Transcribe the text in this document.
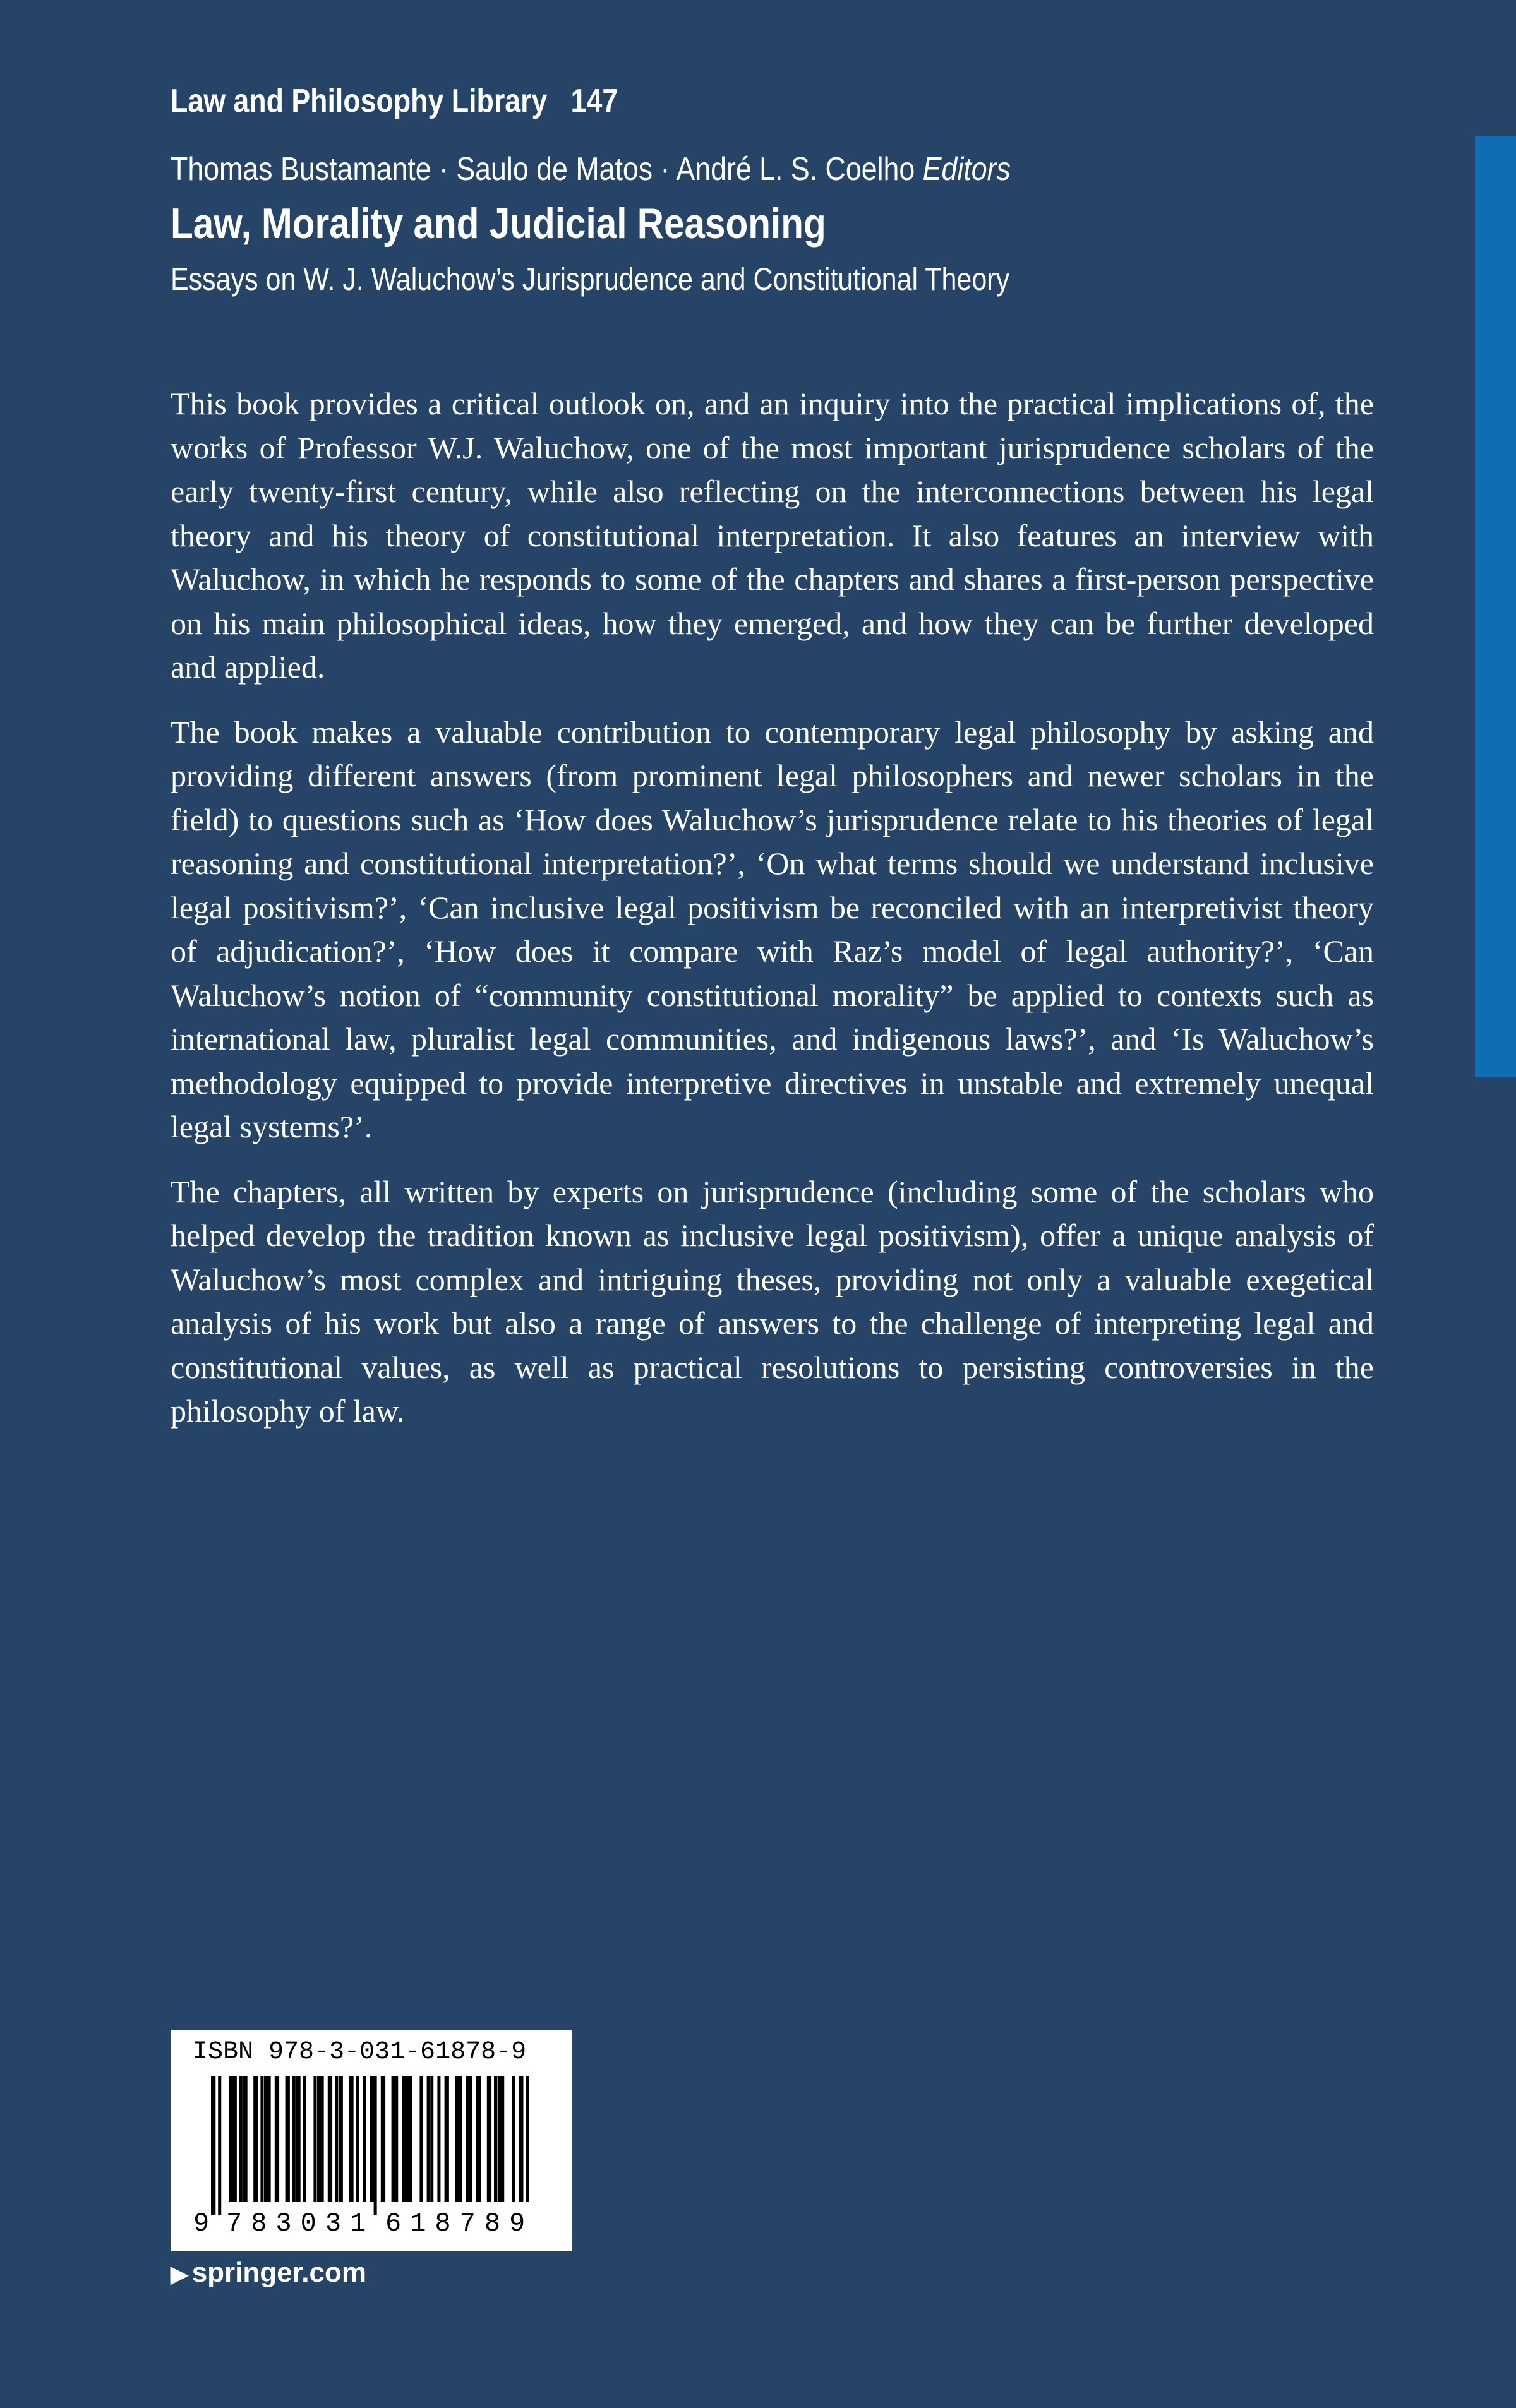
Law and Philosophy Library 147
Thomas Bustamante · Saulo de Matos · André L. S. Coelho Editors
Law, Morality and Judicial Reasoning
Essays on W. J. Waluchow’s Jurisprudence and Constitutional Theory

This book provides a critical outlook on, and an inquiry into the practical implications of, the works of Professor W.J. Waluchow, one of the most important jurisprudence scholars of the early twenty-first century, while also reflecting on the interconnections between his legal theory and his theory of constitutional interpretation. It also features an interview with Waluchow, in which he responds to some of the chapters and shares a first-person perspective on his main philosophical ideas, how they emerged, and how they can be further developed and applied.

The book makes a valuable contribution to contemporary legal philosophy by asking and providing different answers (from prominent legal philosophers and newer scholars in the field) to questions such as ‘How does Waluchow’s jurisprudence relate to his theories of legal reasoning and constitutional interpretation?’, ‘On what terms should we understand inclusive legal positivism?’, ‘Can inclusive legal positivism be reconciled with an interpretivist theory of adjudication?’, ‘How does it compare with Raz’s model of legal authority?’, ‘Can Waluchow’s notion of “community constitutional morality” be applied to contexts such as international law, pluralist legal communities, and indigenous laws?’, and ‘Is Waluchow’s methodology equipped to provide interpretive directives in unstable and extremely unequal legal systems?’.

The chapters, all written by experts on jurisprudence (including some of the scholars who helped develop the tradition known as inclusive legal positivism), offer a unique analysis of Waluchow’s most complex and intriguing theses, providing not only a valuable exegetical analysis of his work but also a range of answers to the challenge of interpreting legal and constitutional values, as well as practical resolutions to persisting controversies in the philosophy of law.

ISBN 978-3-031-61878-9
9 783031 618789
▶ springer.com
